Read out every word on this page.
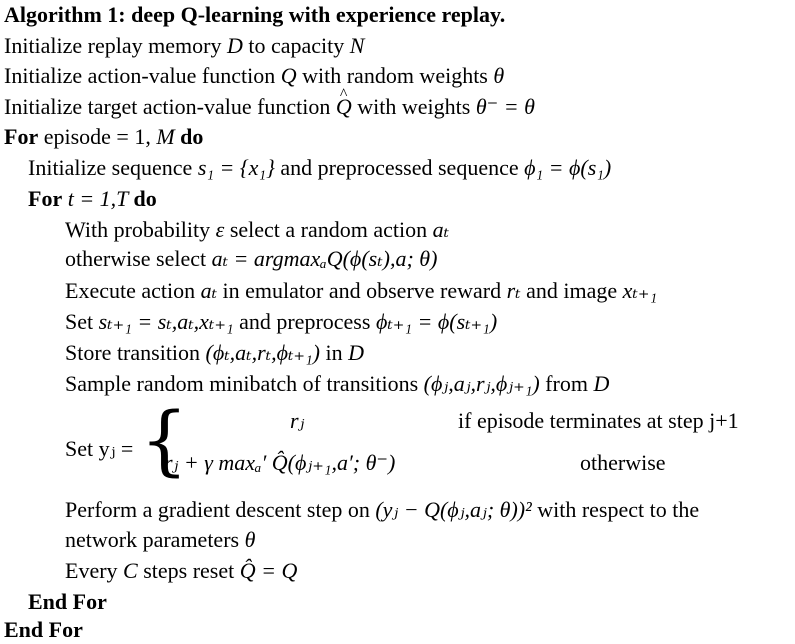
Algorithm 1: deep Q-learning with experience replay.
Initialize replay memory D to capacity N
Initialize action-value function Q with random weights θ
Initialize target action-value function ^ Q with weights θ⁻ = θ
For episode = 1, M do
Initialize sequence s₁ = {x₁} and preprocessed sequence ϕ₁ = ϕ(s₁)
For t = 1,T do
With probability ε select a random action aₜ
otherwise select aₜ = argmaxₐQ(ϕ(sₜ),a; θ)
Execute action aₜ in emulator and observe reward rₜ and image xₜ₊₁
Set sₜ₊₁ = sₜ,aₜ,xₜ₊₁ and preprocess ϕₜ₊₁ = ϕ(sₜ₊₁)
Store transition (ϕₜ,aₜ,rₜ,ϕₜ₊₁) in D
Sample random minibatch of transitions (ϕⱼ,aⱼ,rⱼ,ϕⱼ₊₁) from D
Set yⱼ = {	rⱼ	if episode terminates at step j+1
rⱼ + γ maxₐ′ Q̂(ϕⱼ₊₁,a′; θ⁻)	otherwise
Perform a gradient descent step on (yⱼ − Q(ϕⱼ,aⱼ; θ))² with respect to the
network parameters θ
Every C steps reset Q̂ = Q
End For
End For
